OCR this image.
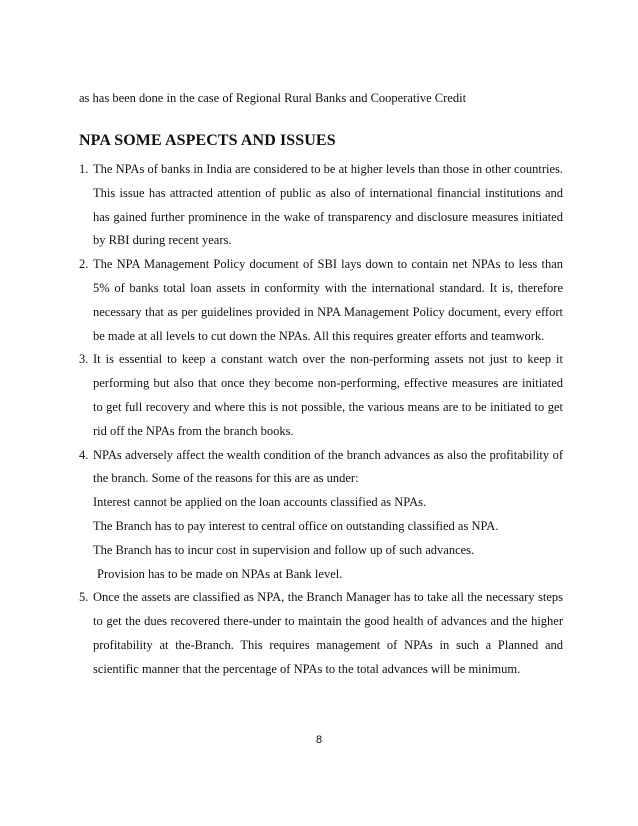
as has been done in the case of Regional Rural Banks and Cooperative Credit
NPA SOME ASPECTS AND ISSUES
1. The NPAs of banks in India are considered to be at higher levels than those in other countries. This issue has attracted attention of public as also of international financial institutions and has gained further prominence in the wake of transparency and disclosure measures initiated by RBI during recent years.
2. The NPA Management Policy document of SBI lays down to contain net NPAs to less than 5% of banks total loan assets in conformity with the international standard. It is, therefore necessary that as per guidelines provided in NPA Management Policy document, every effort be made at all levels to cut down the NPAs. All this requires greater efforts and teamwork.
3. It is essential to keep a constant watch over the non-performing assets not just to keep it performing but also that once they become non-performing, effective measures are initiated to get full recovery and where this is not possible, the various means are to be initiated to get rid off the NPAs from the branch books.
4. NPAs adversely affect the wealth condition of the branch advances as also the profitability of the branch. Some of the reasons for this are as under:
Interest cannot be applied on the loan accounts classified as NPAs.
The Branch has to pay interest to central office on outstanding classified as NPA.
The Branch has to incur cost in supervision and follow up of such advances.
Provision has to be made on NPAs at Bank level.
5. Once the assets are classified as NPA, the Branch Manager has to take all the necessary steps to get the dues recovered there-under to maintain the good health of advances and the higher profitability at the-Branch. This requires management of NPAs in such a Planned and scientific manner that the percentage of NPAs to the total advances will be minimum.
8
